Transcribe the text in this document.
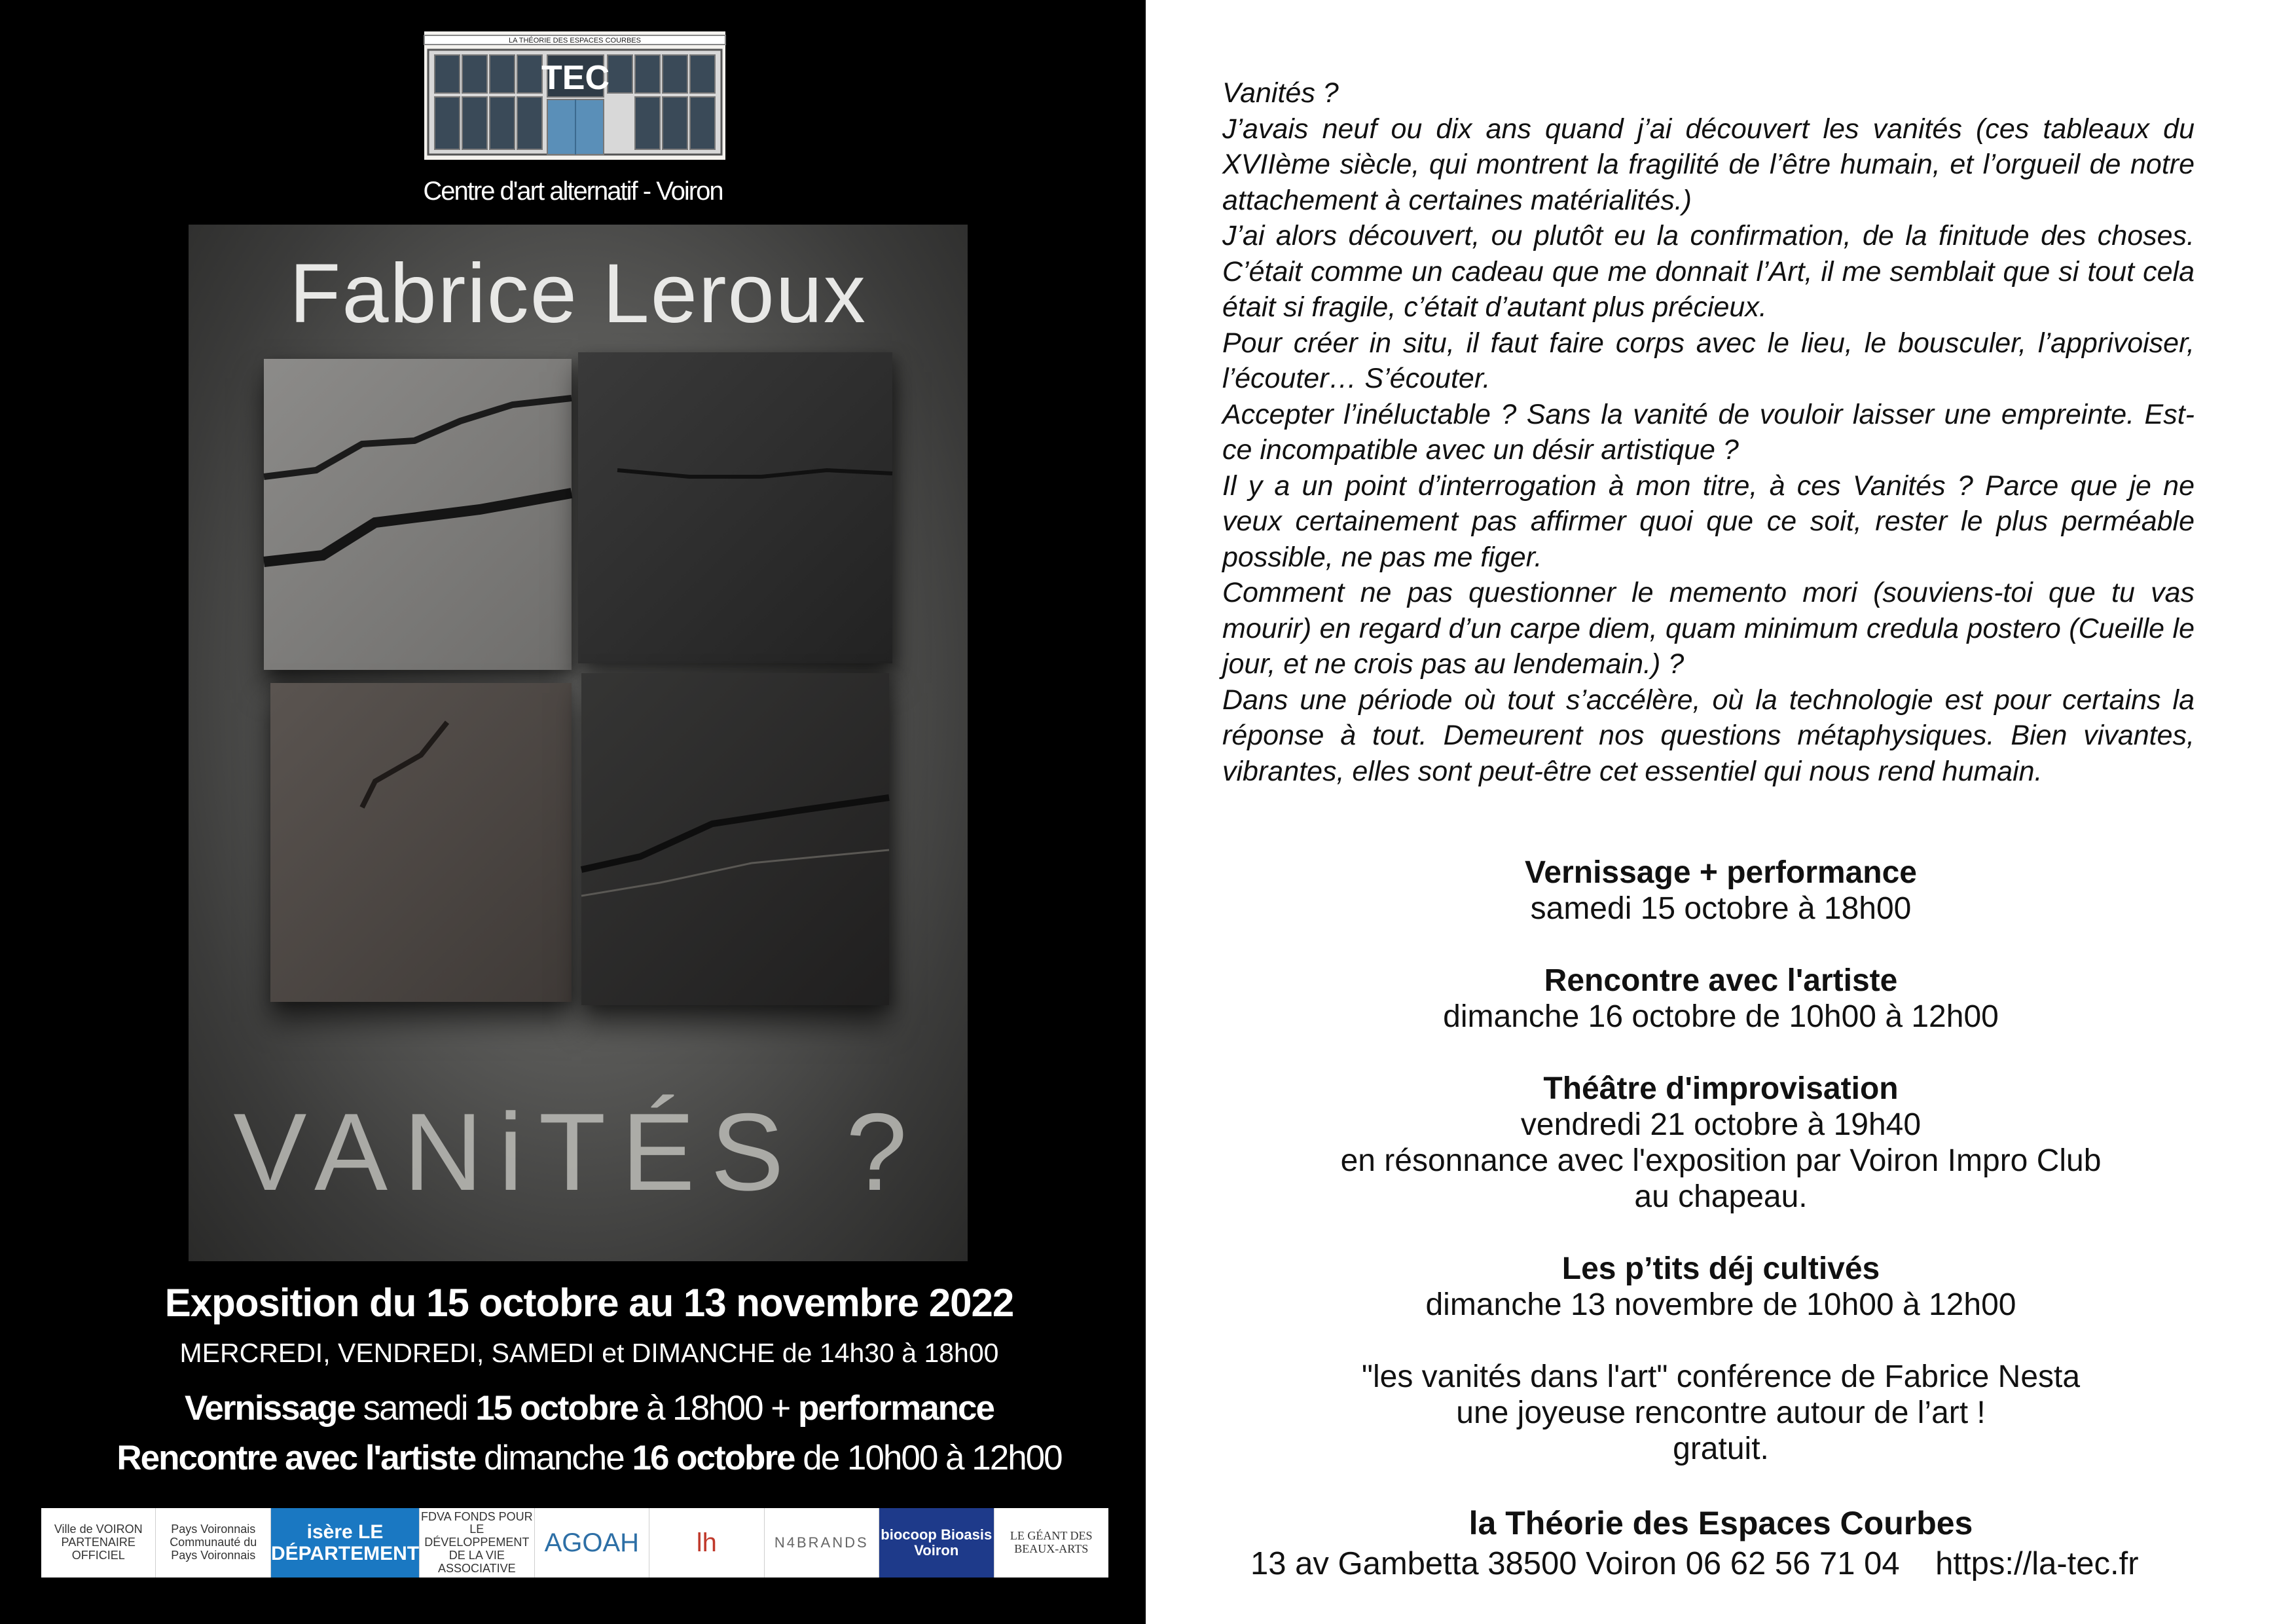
LA THÉORIE DES ESPACES COURBES
TEC
Centre d'art alternatif - Voiron
Fabrice Leroux
VANiTÉS ?
Exposition du 15 octobre au 13 novembre 2022
MERCREDI, VENDREDI, SAMEDI et DIMANCHE de 14h30 à 18h00
Vernissage samedi 15 octobre à 18h00 + performance
Rencontre avec l'artiste dimanche 16 octobre de 10h00 à 12h00
Ville de VOIRON PARTENAIRE OFFICIEL
Pays Voironnais Communauté du Pays Voironnais
isère LE DÉPARTEMENT
FDVA FONDS POUR LE DÉVELOPPEMENT DE LA VIE ASSOCIATIVE
AGOAH lh	N4BRANDS biocoop Bioasis Voiron
LE GÉANT DES BEAUX-ARTS

Vanités ?

J’avais neuf ou dix ans quand j’ai découvert les vanités (ces tableaux du XVIIème siècle, qui montrent la fragilité de l’être humain, et l’orgueil de notre attachement à certaines matérialités.)

J’ai alors découvert, ou plutôt eu la confirmation, de la finitude des choses. C’était comme un cadeau que me donnait l’Art, il me semblait que si tout cela était si fragile, c’était d’autant plus précieux.

Pour créer in situ, il faut faire corps avec le lieu, le bousculer, l’apprivoiser, l’écouter… S’écouter.

Accepter l’inéluctable ? Sans la vanité de vouloir laisser une empreinte. Est-ce incompatible avec un désir artistique ?

Il y a un point d’interrogation à mon titre, à ces Vanités ? Parce que je ne veux certainement pas affirmer quoi que ce soit, rester le plus perméable possible, ne pas me figer.

Comment ne pas questionner le memento mori (souviens-toi que tu vas mourir) en regard d’un carpe diem, quam minimum credula postero (Cueille le jour, et ne crois pas au lendemain.) ?

Dans une période où tout s’accélère, où la technologie est pour certains la réponse à tout. Demeurent nos questions métaphysiques. Bien vivantes, vibrantes, elles sont peut-être cet essentiel qui nous rend humain.

Vernissage + performance
samedi 15 octobre à 18h00
Rencontre avec l'artiste
dimanche 16 octobre de 10h00 à 12h00
Théâtre d'improvisation
vendredi 21 octobre à 19h40
en résonnance avec l'exposition par Voiron Impro Club
au chapeau.
Les p’tits déj cultivés
dimanche 13 novembre de 10h00 à 12h00
"les vanités dans l'art" conférence de Fabrice Nesta
une joyeuse rencontre autour de l’art !
gratuit.
la Théorie des Espaces Courbes
13 av Gambetta 38500 Voiron 06 62 56 71 04 https://la-tec.fr
